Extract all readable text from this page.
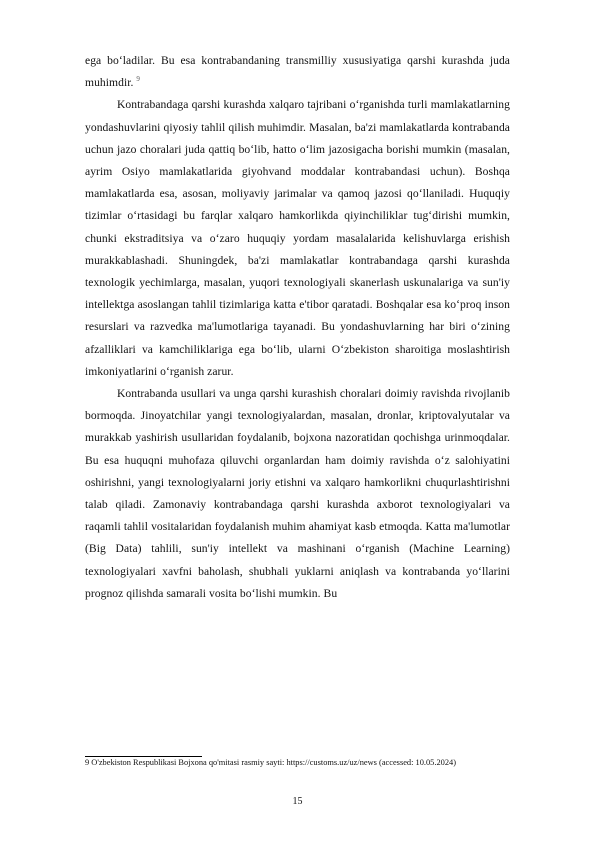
ega bo‘ladilar. Bu esa kontrabandaning transmilliy xususiyatiga qarshi kurashda juda muhimdir. $^9$

Kontrabandaga qarshi kurashda xalqaro tajribani o‘rganishda turli mamlakatlarning yondashuvlarini qiyosiy tahlil qilish muhimdir. Masalan, ba'zi mamlakatlarda kontrabanda uchun jazo choralari juda qattiq bo‘lib, hatto o‘lim jazosigacha borishi mumkin (masalan, ayrim Osiyo mamlakatlarida giyohvand moddalar kontrabandasi uchun). Boshqa mamlakatlarda esa, asosan, moliyaviy jarimalar va qamoq jazosi qo‘llaniladi. Huquqiy tizimlar o‘rtasidagi bu farqlar xalqaro hamkorlikda qiyinchiliklar tug‘dirishi mumkin, chunki ekstraditsiya va o‘zaro huquqiy yordam masalalarida kelishuvlarga erishish murakkablashadi. Shuningdek, ba'zi mamlakatlar kontrabandaga qarshi kurashda texnologik yechimlarga, masalan, yuqori texnologiyali skanerlash uskunalariga va sun'iy intellektga asoslangan tahlil tizimlariga katta e'tibor qaratadi. Boshqalar esa ko‘proq inson resurslari va razvedka ma'lumotlariga tayanadi. Bu yondashuvlarning har biri o‘zining afzalliklari va kamchiliklariga ega bo‘lib, ularni O‘zbekiston sharoitiga moslashtirish imkoniyatlarini o‘rganish zarur.

Kontrabanda usullari va unga qarshi kurashish choralari doimiy ravishda rivojlanib bormoqda. Jinoyatchilar yangi texnologiyalardan, masalan, dronlar, kriptovalyutalar va murakkab yashirish usullaridan foydalanib, bojxona nazoratidan qochishga urinmoqdalar. Bu esa huquqni muhofaza qiluvchi organlardan ham doimiy ravishda o‘z salohiyatini oshirishni, yangi texnologiyalarni joriy etishni va xalqaro hamkorlikni chuqurlashtirishni talab qiladi. Zamonaviy kontrabandaga qarshi kurashda axborot texnologiyalari va raqamli tahlil vositalaridan foydalanish muhim ahamiyat kasb etmoqda. Katta ma'lumotlar (Big Data) tahlili, sun'iy intellekt va mashinani o‘rganish (Machine Learning) texnologiyalari xavfni baholash, shubhali yuklarni aniqlash va kontrabanda yo‘llarini prognoz qilishda samarali vosita bo‘lishi mumkin. Bu

9 O'zbekiston Respublikasi Bojxona qo'mitasi rasmiy sayti: https://customs.uz/uz/news (accessed: 10.05.2024)
15
